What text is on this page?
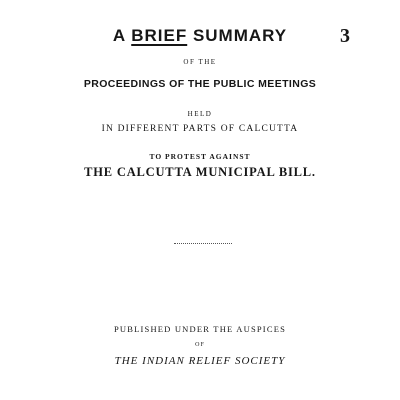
A BRIEF SUMMARY	3
OF THE
PROCEEDINGS OF THE PUBLIC MEETINGS
HELD
IN DIFFERENT PARTS OF CALCUTTA
TO PROTEST AGAINST
THE CALCUTTA MUNICIPAL BILL.
PUBLISHED UNDER THE AUSPICES
OF
THE INDIAN RELIEF SOCIETY
